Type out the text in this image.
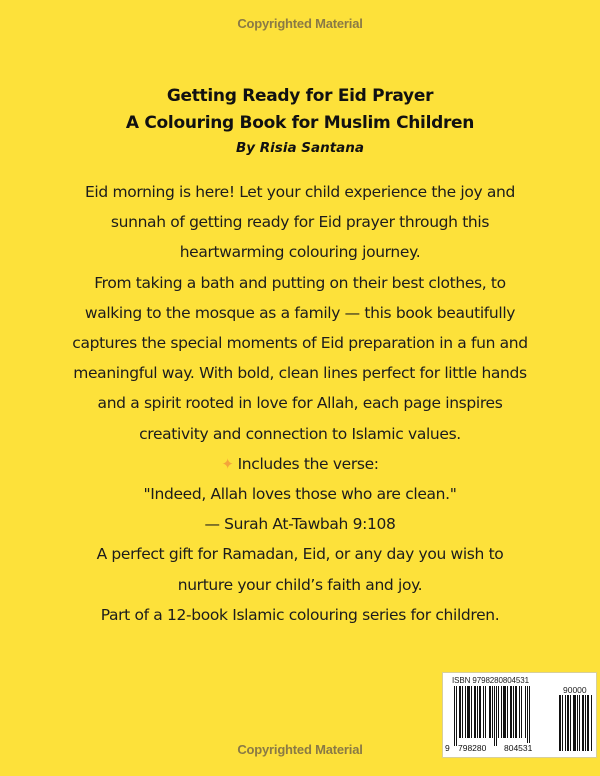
Copyrighted Material
Getting Ready for Eid Prayer
A Colouring Book for Muslim Children
By Risia Santana
Eid morning is here! Let your child experience the joy and
sunnah of getting ready for Eid prayer through this
heartwarming colouring journey.
From taking a bath and putting on their best clothes, to
walking to the mosque as a family — this book beautifully
captures the special moments of Eid preparation in a fun and
meaningful way. With bold, clean lines perfect for little hands
and a spirit rooted in love for Allah, each page inspires
creativity and connection to Islamic values.
✦ Includes the verse:
"Indeed, Allah loves those who are clean."
— Surah At-Tawbah 9:108
A perfect gift for Ramadan, Eid, or any day you wish to
nurture your child’s faith and joy.
Part of a 12-book Islamic colouring series for children.
ISBN 9798280804531
90000
9 798280 804531
Copyrighted Material
